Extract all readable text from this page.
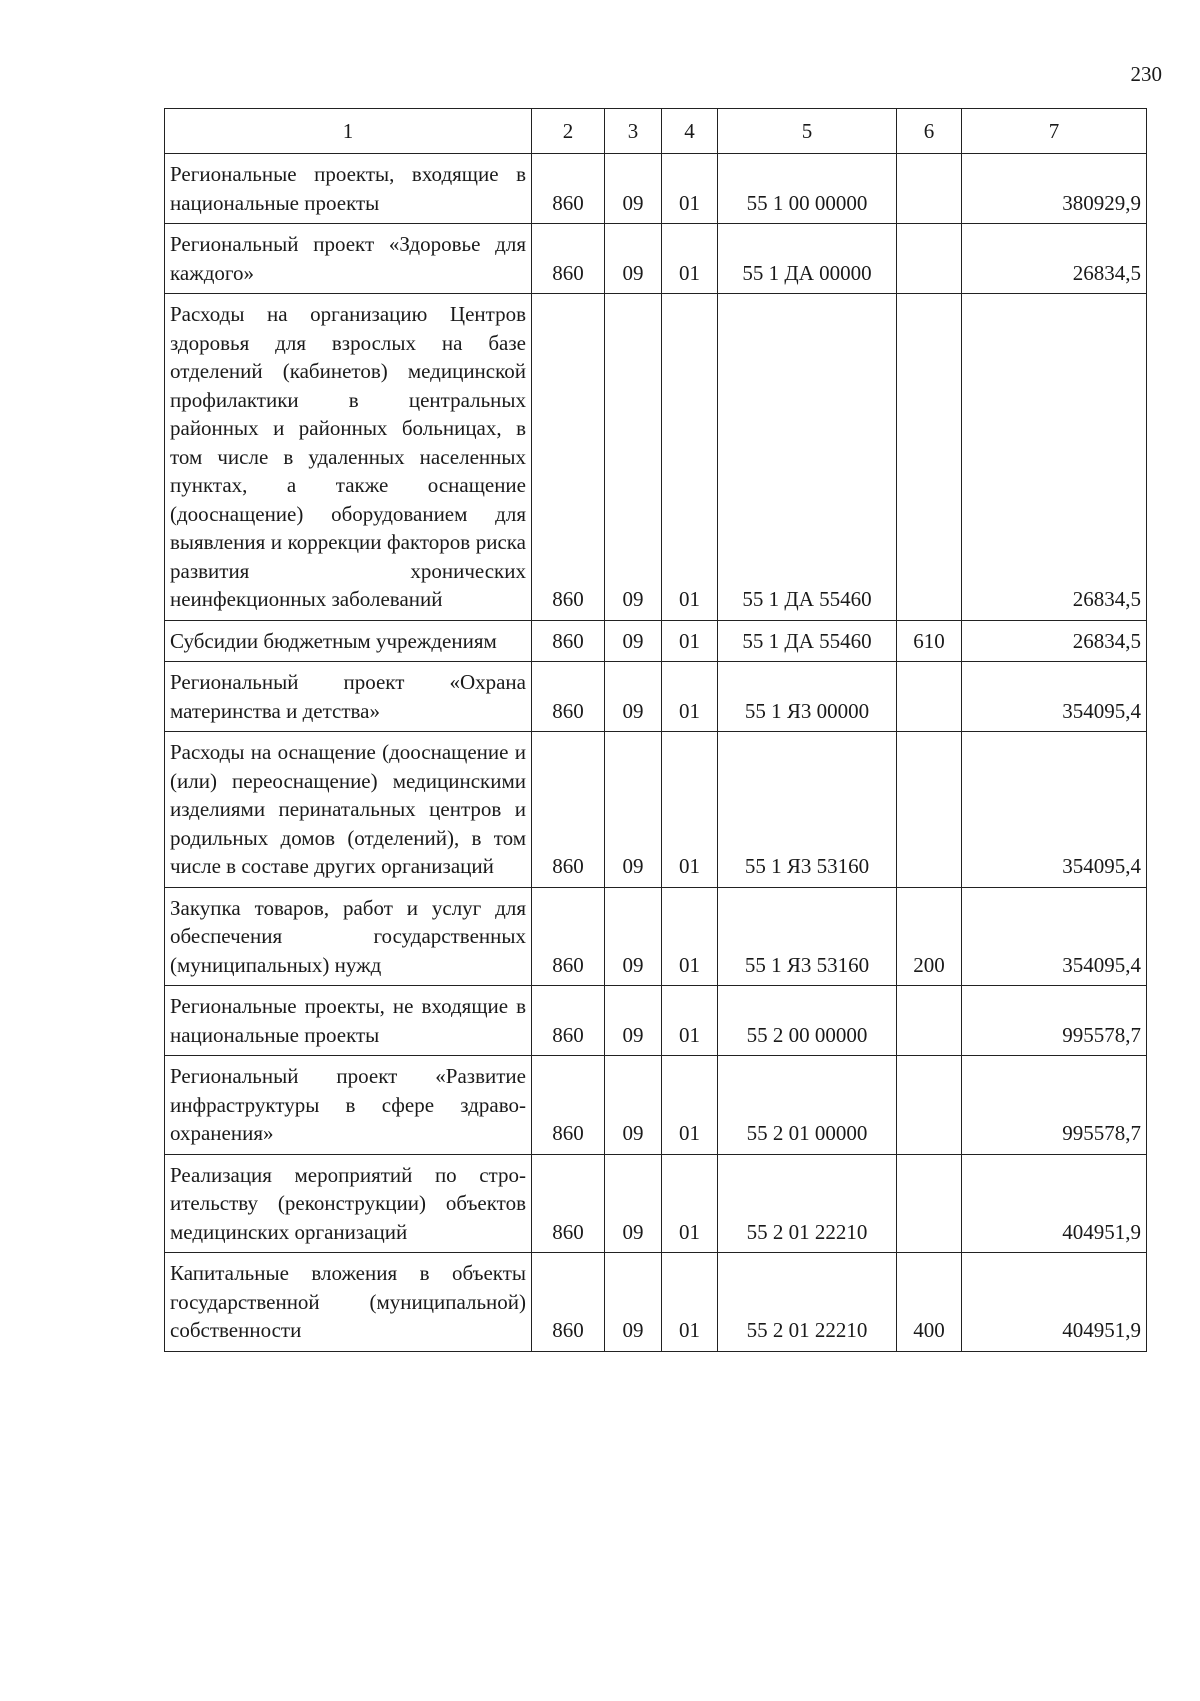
230
1	2	3	4	5	6	7
Региональные проекты, входящие в национальные проекты	860	09	01	55 1 00 00000		380929,9
Региональный проект «Здоровье для каждого»	860	09	01	55 1 ДА 00000		26834,5
Расходы на организацию Центров здоровья для взрослых на базе отделений (кабинетов) медицинской профилактики в центральных районных и районных больницах, в том числе в удаленных населенных пунктах, а также оснащение (дооснащение) оборудованием для выявления и коррекции факторов риска развития хронических неинфекционных заболеваний	860	09	01	55 1 ДА 55460		26834,5
Субсидии бюджетным учреждениям	860	09	01	55 1 ДА 55460	610	26834,5
Региональный проект «Охрана материнства и детства»	860	09	01	55 1 Я3 00000		354095,4
Расходы на оснащение (дооснaщение и (или) переоснащение) медицинскими изделиями перинатальных центров и родильных домов (отделений), в том числе в составе других организаций	860	09	01	55 1 Я3 53160		354095,4
Закупка товаров, работ и услуг для обеспечения государственных (муниципальных) нужд	860	09	01	55 1 Я3 53160	200	354095,4
Региональные проекты, не входящие в национальные проекты	860	09	01	55 2 00 00000		995578,7
Региональный проект «Развитие инфраструктуры в сфере здравоохранения»	860	09	01	55 2 01 00000		995578,7
Реализация мероприятий по строительству (реконструкции) объектов медицинских организаций	860	09	01	55 2 01 22210		404951,9
Капитальные вложения в объекты государственной (муниципальной) собственности	860	09	01	55 2 01 22210	400	404951,9
